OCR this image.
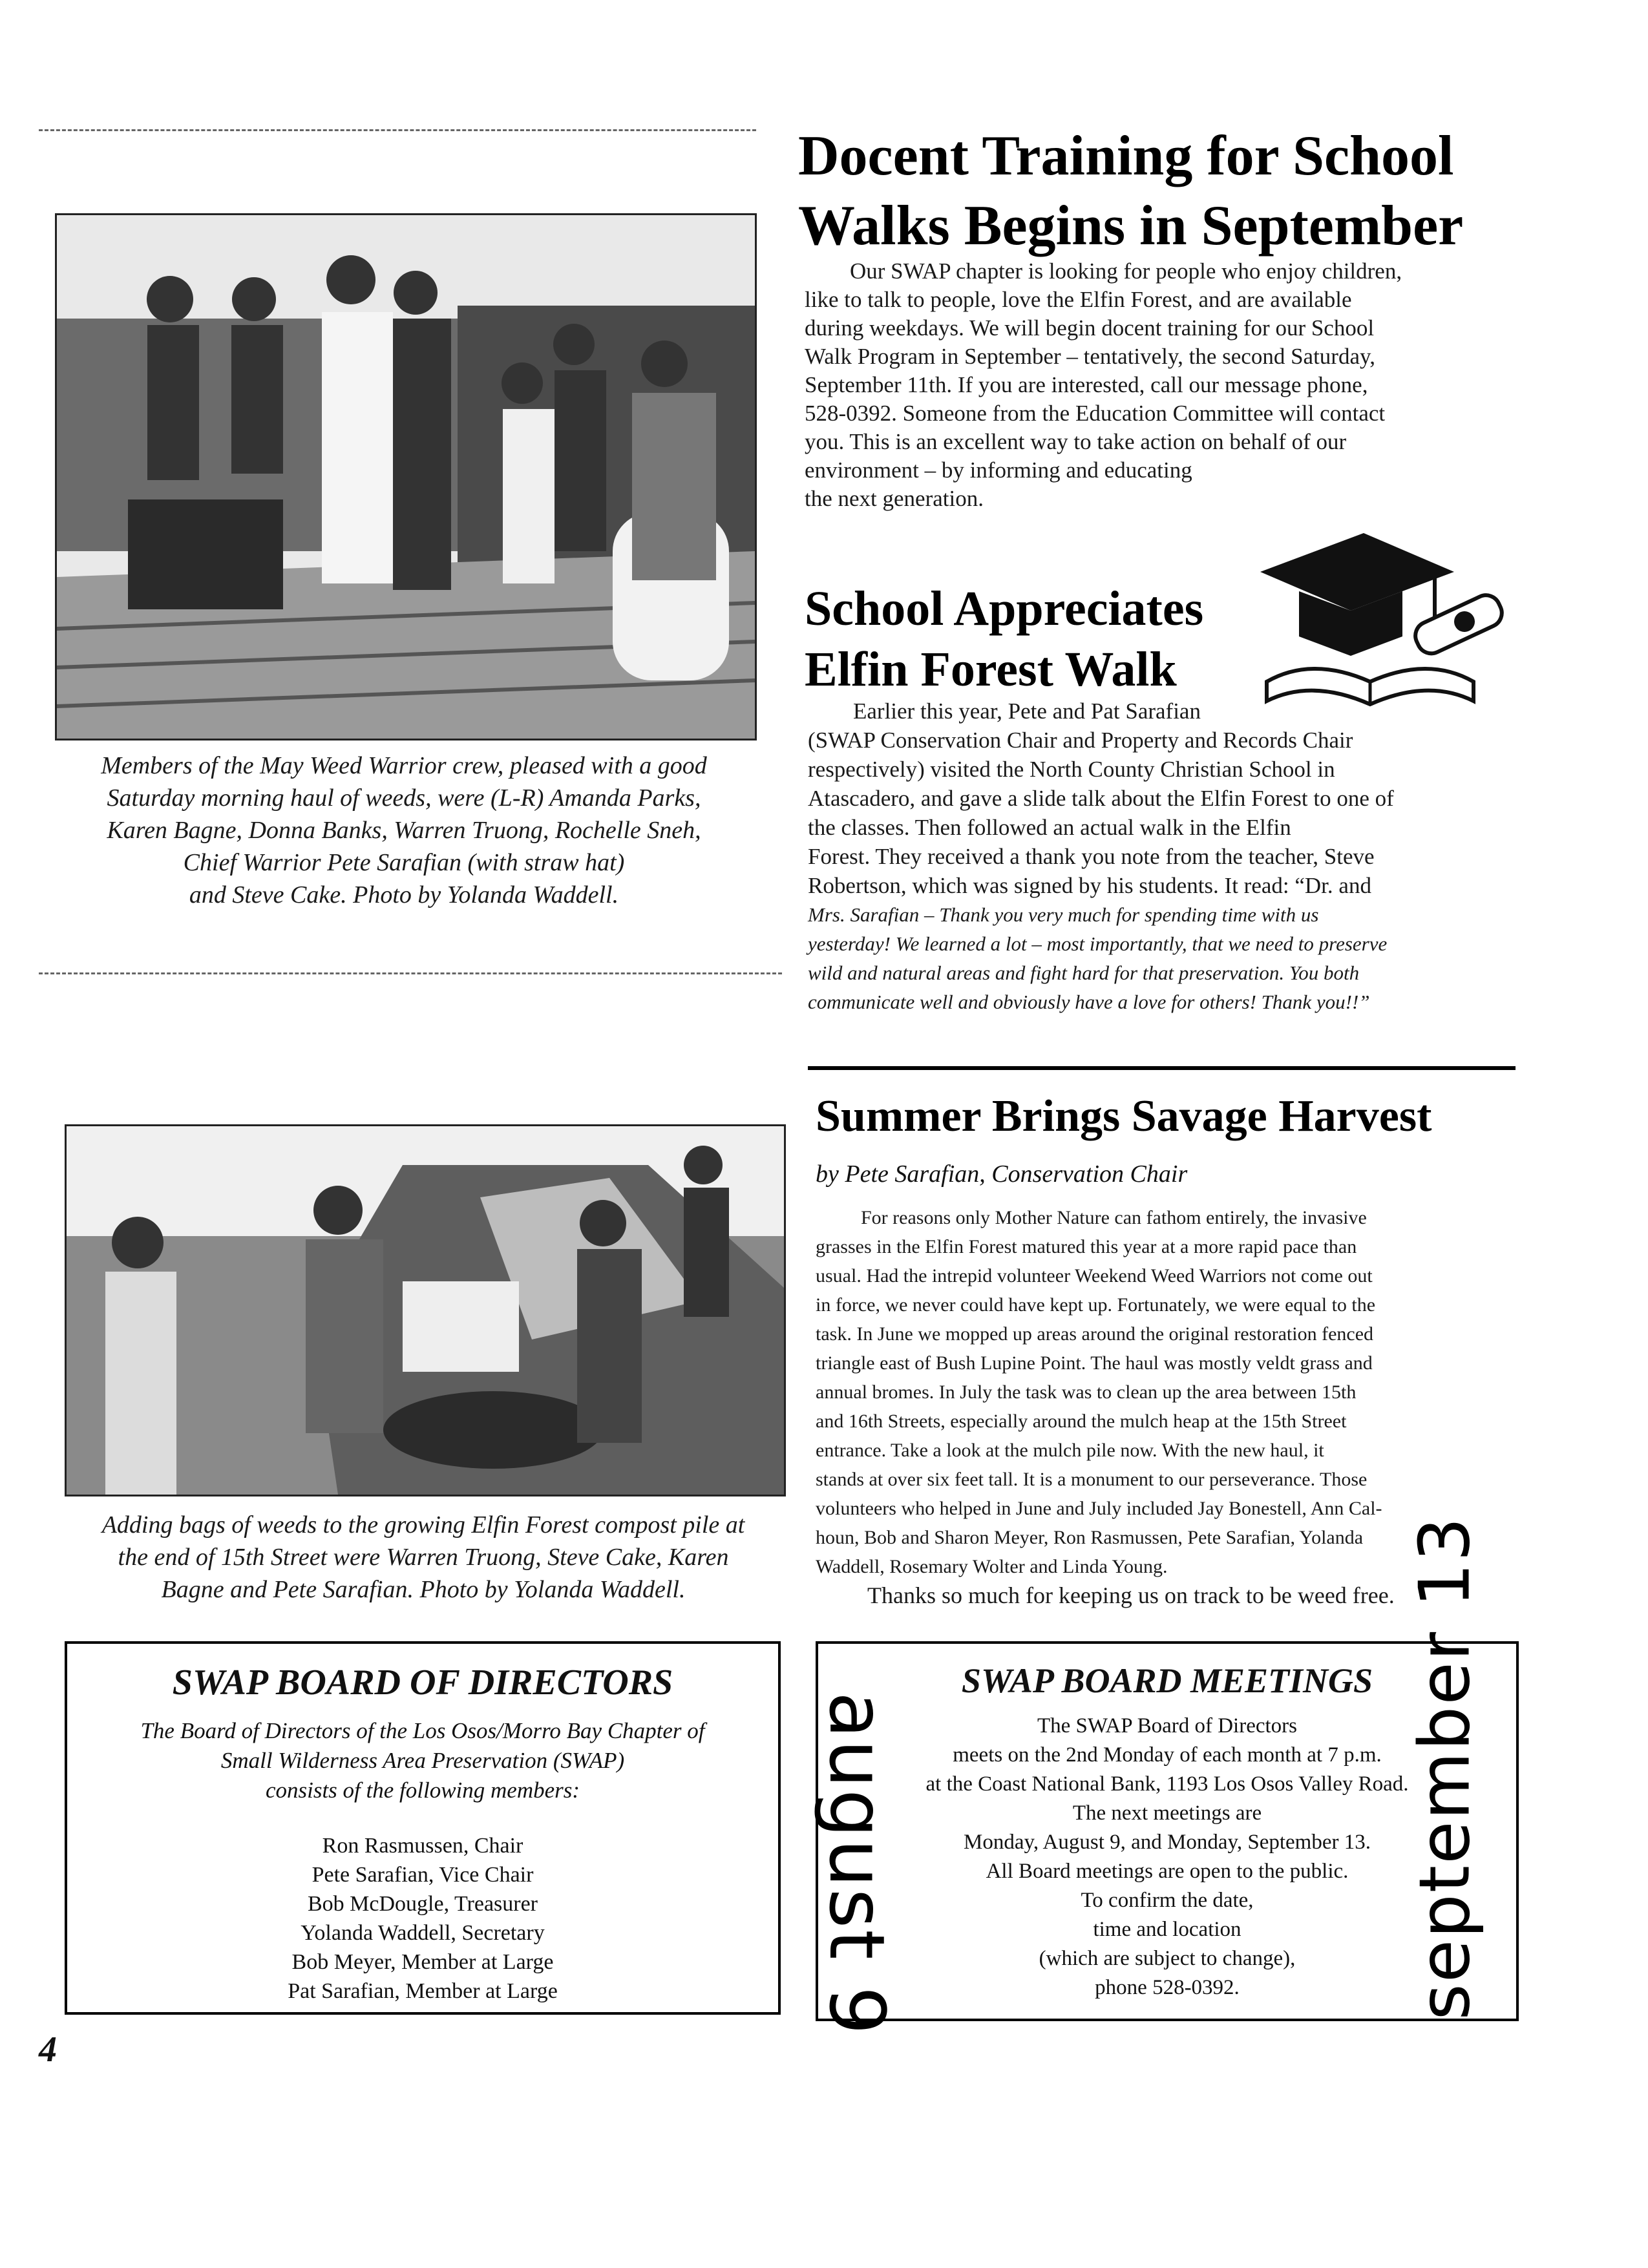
Members of the May Weed Warrior crew, pleased with a good

Saturday morning haul of weeds, were (L-R) Amanda Parks,

Karen Bagne, Donna Banks, Warren Truong, Rochelle Sneh,

Chief Warrior Pete Sarafian (with straw hat)

and Steve Cake. Photo by Yolanda Waddell.

Adding bags of weeds to the growing Elfin Forest compost pile at

the end of 15th Street were Warren Truong, Steve Cake, Karen

Bagne and Pete Sarafian. Photo by Yolanda Waddell.

SWAP BOARD OF DIRECTORS
The Board of Directors of the Los Osos/Morro Bay Chapter of
Small Wilderness Area Preservation (SWAP)
consists of the following members:
Ron Rasmussen, Chair
Pete Sarafian, Vice Chair
Bob McDougle, Treasurer
Yolanda Waddell, Secretary
Bob Meyer, Member at Large
Pat Sarafian, Member at Large
4
Docent Training for School
Walks Begins in September
Our SWAP chapter is looking for people who enjoy children,
like to talk to people, love the Elfin Forest, and are available
during weekdays. We will begin docent training for our School
Walk Program in September – tentatively, the second Saturday,
September 11th. If you are interested, call our message phone,
528-0392. Someone from the Education Committee will contact
you. This is an excellent way to take action on behalf of our
environment – by informing and educating
the next generation.
School Appreciates
Elfin Forest Walk
Earlier this year, Pete and Pat Sarafian
(SWAP Conservation Chair and Property and Records Chair
respectively) visited the North County Christian School in
Atascadero, and gave a slide talk about the Elfin Forest to one of
the classes. Then followed an actual walk in the Elfin
Forest. They received a thank you note from the teacher, Steve
Robertson, which was signed by his students. It read: “Dr. and
Mrs. Sarafian – Thank you very much for spending time with us
yesterday! We learned a lot – most importantly, that we need to preserve
wild and natural areas and fight hard for that preservation. You both
communicate well and obviously have a love for others! Thank you!!”
Summer Brings Savage Harvest
by Pete Sarafian, Conservation Chair
For reasons only Mother Nature can fathom entirely, the invasive
grasses in the Elfin Forest matured this year at a more rapid pace than
usual. Had the intrepid volunteer Weekend Weed Warriors not come out
in force, we never could have kept up. Fortunately, we were equal to the
task. In June we mopped up areas around the original restoration fenced
triangle east of Bush Lupine Point. The haul was mostly veldt grass and
annual bromes. In July the task was to clean up the area between 15th
and 16th Streets, especially around the mulch heap at the 15th Street
entrance. Take a look at the mulch pile now. With the new haul, it
stands at over six feet tall. It is a monument to our perseverance. Those
volunteers who helped in June and July included Jay Bonestell, Ann Cal-
houn, Bob and Sharon Meyer, Ron Rasmussen, Pete Sarafian, Yolanda
Waddell, Rosemary Wolter and Linda Young.
Thanks so much for keeping us on track to be weed free.
august 9	september 13
SWAP BOARD MEETINGS
The SWAP Board of Directors
meets on the 2nd Monday of each month at 7 p.m.
at the Coast National Bank, 1193 Los Osos Valley Road.
The next meetings are
Monday, August 9, and Monday, September 13.
All Board meetings are open to the public.
To confirm the date,
time and location
(which are subject to change),
phone 528-0392.
